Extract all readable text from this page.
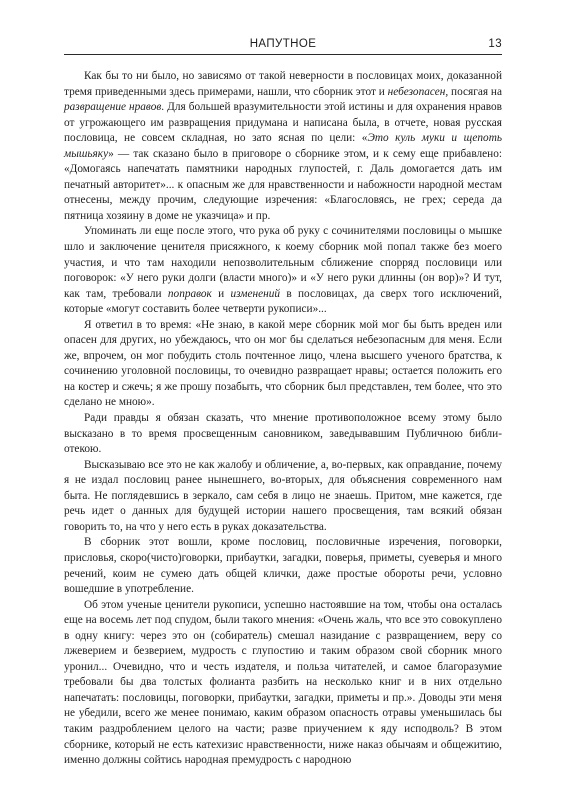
НАПУТНОЕ	13

Как бы то ни было, но зависямо от такой неверности в пословицах моих, доказанной тремя приведенными здесь примерами, нашли, что сборник этот и небезопасен, посягая на развращение нравов. Для большей вразумительности этой истины и для охранения нравов от угрожающего им развращения придумана и написана была, в отчете, новая русская пословица, не совсем складная, но зато ясная по цели: «Это куль муки и щепоть мышьяку» — так сказано было в приговоре о сборнике этом, и к сему еще прибавлено: «Домогаясь напечатать памятники народных глупостей, г. Даль домогается дать им печатный авторитет»... к опасным же для нравственности и набожности народной местам отнесены, между прочим, следующие изречения: «Благословясь, не грех; середа да пятница хозяину в доме не указчица» и пр.

Упоминать ли еще после этого, что рука об руку с сочинителями пословицы о мышке шло и заключение ценителя присяжного, к коему сборник мой попал также без моего участия, и что там находили непозволительным сближение спорряд пословици или поговорок: «У него руки долги (власти много)» и «У него руки длинны (он вор)»? И тут, как там, требовали поправок и изменений в пословицах, да сверх того исключений, которые «могут составить более четверти рукописи»...

Я ответил в то время: «Не знаю, в какой мере сборник мой мог бы быть вреден или опасен для других, но убеждаюсь, что он мог бы сделаться небезопасным для меня. Если же, впрочем, он мог побудить столь почтенное лицо, члена высшего ученого братства, к сочинению уголовной пословицы, то очевидно развращает нравы; остается положить его на костер и сжечь; я же прошу позабыть, что сборник был представлен, тем более, что это сделано не мною».

Ради правды я обязан сказать, что мнение противоположное всему этому было высказано в то время просвещенным сановником, заведывавшим Публичною библиотекою.

Высказываю все это не как жалобу и обличение, а, во-первых, как оправдание, почему я не издал пословиц ранее нынешнего, во-вторых, для объяснения современного нам быта. Не поглядевшись в зеркало, сам себя в лицо не знаешь. Притом, мне кажется, где речь идет о данных для будущей истории нашего просвещения, там всякий обязан говорить то, на что у него есть в руках доказательства.

В сборник этот вошли, кроме пословиц, пословичные изречения, поговорки, присловья, скоро(чисто)говорки, прибаутки, загадки, поверья, приметы, суеверья и много речений, коим не сумею дать общей клички, даже простые обороты речи, условно вошедшие в употребление.

Об этом ученые ценители рукописи, успешно настоявшие на том, чтобы она осталась еще на восемь лет под спудом, были такого мнения: «Очень жаль, что все это совокуплено в одну книгу: через это он (собиратель) смешал назидание с развращением, веру со лжеверием и безверием, мудрость с глупостию и таким образом свой сборник много уронил... Очевидно, что и честь издателя, и польза читателей, и самое благоразумие требовали бы два толстых фолианта разбить на несколько книг и в них отдельно напечатать: пословицы, поговорки, прибаутки, загадки, приметы и пр.». Доводы эти меня не убедили, всего же менее понимаю, каким образом опасность отравы уменьшилась бы таким раздроблением целого на части; разве приучением к яду исподволь? В этом сборнике, который не есть катехизис нравственности, ниже наказ обычаям и общежитию, именно должны сойтись народная премудрость с народною
